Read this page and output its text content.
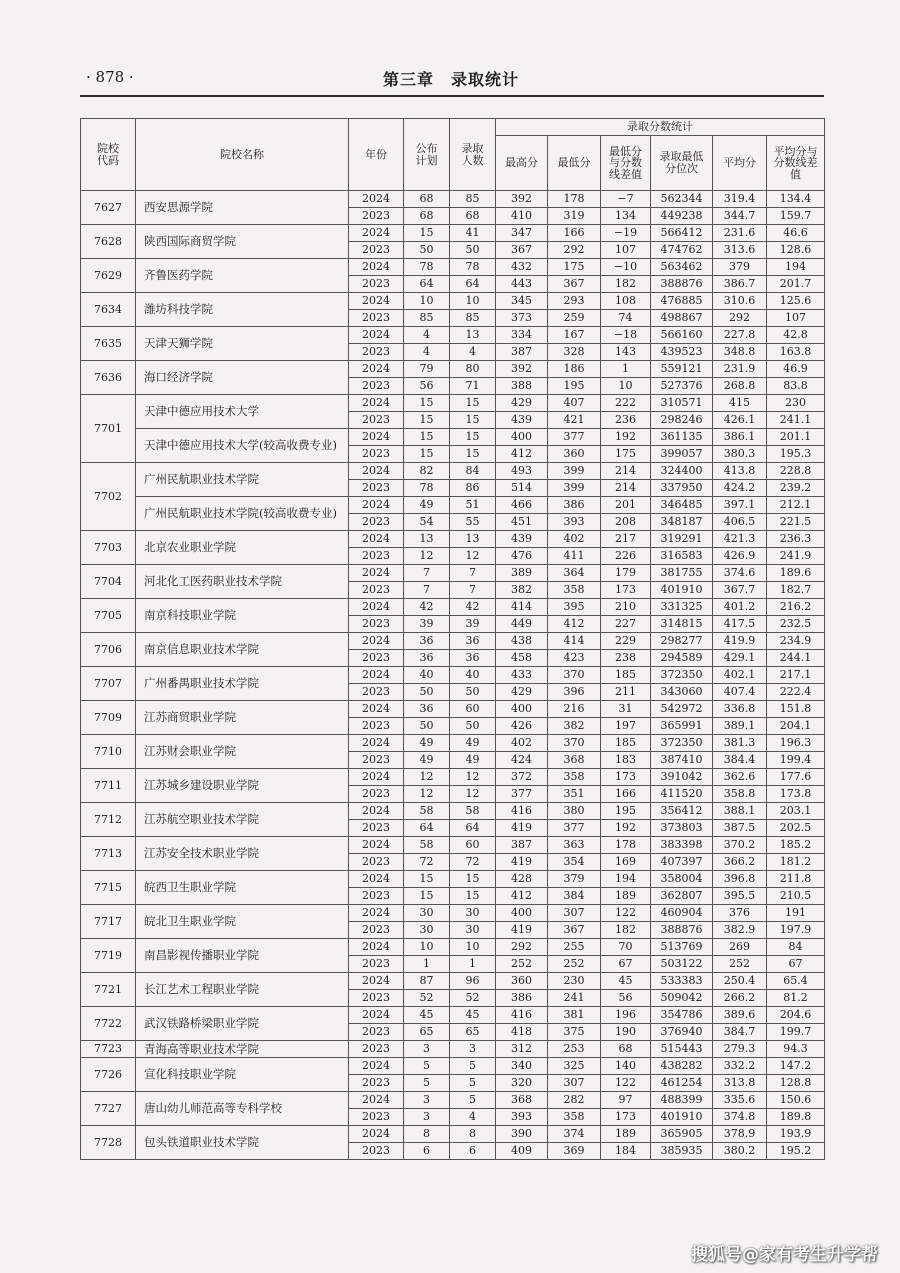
· 878 ·	第三章　录取统计
院校代码	院校名称	年份	公布计划	录取人数	录取分数统计					
					最高分	最低分	最低分与分数线差值	录取最低分位次	平均分	平均分与分数线差值
7627	西安思源学院	2024	68	85	392	178	−7	562344	319.4	134.4
		2023	68	68	410	319	134	449238	344.7	159.7
7628	陕西国际商贸学院	2024	15	41	347	166	−19	566412	231.6	46.6
		2023	50	50	367	292	107	474762	313.6	128.6
7629	齐鲁医药学院	2024	78	78	432	175	−10	563462	379	194
		2023	64	64	443	367	182	388876	386.7	201.7
7634	潍坊科技学院	2024	10	10	345	293	108	476885	310.6	125.6
		2023	85	85	373	259	74	498867	292	107
7635	天津天狮学院	2024	4	13	334	167	−18	566160	227.8	42.8
		2023	4	4	387	328	143	439523	348.8	163.8
7636	海口经济学院	2024	79	80	392	186	1	559121	231.9	46.9
		2023	56	71	388	195	10	527376	268.8	83.8
7701	天津中德应用技术大学	2024	15	15	429	407	222	310571	415	230
		2023	15	15	439	421	236	298246	426.1	241.1
	天津中德应用技术大学(较高收费专业)	2024	15	15	400	377	192	361135	386.1	201.1
		2023	15	15	412	360	175	399057	380.3	195.3
7702	广州民航职业技术学院	2024	82	84	493	399	214	324400	413.8	228.8
		2023	78	86	514	399	214	337950	424.2	239.2
	广州民航职业技术学院(较高收费专业)	2024	49	51	466	386	201	346485	397.1	212.1
		2023	54	55	451	393	208	348187	406.5	221.5
7703	北京农业职业学院	2024	13	13	439	402	217	319291	421.3	236.3
		2023	12	12	476	411	226	316583	426.9	241.9
7704	河北化工医药职业技术学院	2024	7	7	389	364	179	381755	374.6	189.6
		2023	7	7	382	358	173	401910	367.7	182.7
7705	南京科技职业学院	2024	42	42	414	395	210	331325	401.2	216.2
		2023	39	39	449	412	227	314815	417.5	232.5
7706	南京信息职业技术学院	2024	36	36	438	414	229	298277	419.9	234.9
		2023	36	36	458	423	238	294589	429.1	244.1
7707	广州番禺职业技术学院	2024	40	40	433	370	185	372350	402.1	217.1
		2023	50	50	429	396	211	343060	407.4	222.4
7709	江苏商贸职业学院	2024	36	60	400	216	31	542972	336.8	151.8
		2023	50	50	426	382	197	365991	389.1	204.1
7710	江苏财会职业学院	2024	49	49	402	370	185	372350	381.3	196.3
		2023	49	49	424	368	183	387410	384.4	199.4
7711	江苏城乡建设职业学院	2024	12	12	372	358	173	391042	362.6	177.6
		2023	12	12	377	351	166	411520	358.8	173.8
7712	江苏航空职业技术学院	2024	58	58	416	380	195	356412	388.1	203.1
		2023	64	64	419	377	192	373803	387.5	202.5
7713	江苏安全技术职业学院	2024	58	60	387	363	178	383398	370.2	185.2
		2023	72	72	419	354	169	407397	366.2	181.2
7715	皖西卫生职业学院	2024	15	15	428	379	194	358004	396.8	211.8
		2023	15	15	412	384	189	362807	395.5	210.5
7717	皖北卫生职业学院	2024	30	30	400	307	122	460904	376	191
		2023	30	30	419	367	182	388876	382.9	197.9
7719	南昌影视传播职业学院	2024	10	10	292	255	70	513769	269	84
		2023	1	1	252	252	67	503122	252	67
7721	长江艺术工程职业学院	2024	87	96	360	230	45	533383	250.4	65.4
		2023	52	52	386	241	56	509042	266.2	81.2
7722	武汉铁路桥梁职业学院	2024	45	45	416	381	196	354786	389.6	204.6
		2023	65	65	418	375	190	376940	384.7	199.7
7723	青海高等职业技术学院	2023	3	3	312	253	68	515443	279.3	94.3
7726	宣化科技职业学院	2024	5	5	340	325	140	438282	332.2	147.2
		2023	5	5	320	307	122	461254	313.8	128.8
7727	唐山幼儿师范高等专科学校	2024	3	5	368	282	97	488399	335.6	150.6
		2023	3	4	393	358	173	401910	374.8	189.8
7728	包头铁道职业技术学院	2024	8	8	390	374	189	365905	378.9	193.9
		2023	6	6	409	369	184	385935	380.2	195.2
搜狐号@家有考生升学帮
